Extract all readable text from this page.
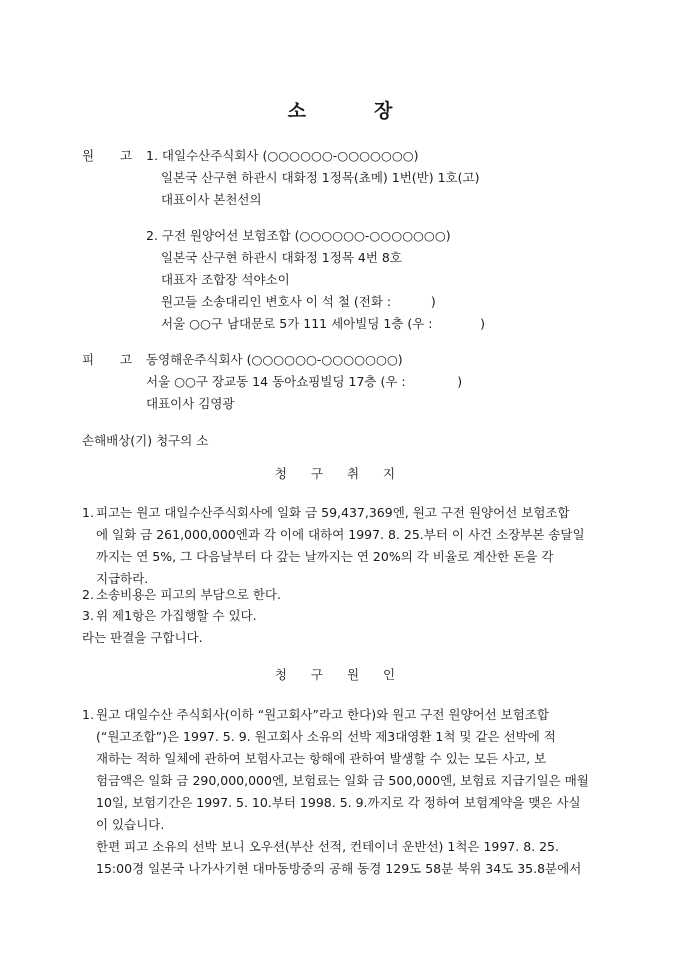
소	장
원 고 1. 대일수산주식회사 (○○○○○○-○○○○○○○)
일본국 산구현 하관시 대화정 1정목(쵸메) 1번(반) 1호(고)
대표이사 본천선의
2. 구전 원양어선 보험조합 (○○○○○○-○○○○○○○)
일본국 산구현 하관시 대화정 1정목 4번 8호
대표자 조합장 석야소이
원고들 소송대리인 변호사 이 석 철 (전화 :          )
서울 ○○구 남대문로 5가 111 세아빌딩 1층 (우 :            )
피 고 동영해운주식회사 (○○○○○○-○○○○○○○)
서울 ○○구 장교동 14 동아쇼핑빌딩 17층 (우 :             )
대표이사 김영광
손해배상(기) 청구의 소
청 구 취 지
1. 피고는 원고 대일수산주식회사에 일화 금 59,437,369엔, 원고 구전 원양어선 보험조합

에 일화 금 261,000,000엔과 각 이에 대하여 1997. 8. 25.부터 이 사건 소장부본 송달일

까지는 연 5%, 그 다음날부터 다 갚는 날까지는 연 20%의 각 비율로 계산한 돈을 각

지급하라.

2. 소송비용은 피고의 부담으로 한다.

3. 위 제1항은 가집행할 수 있다.

라는 판결을 구합니다.
청 구 원 인
1. 원고 대일수산 주식회사(이하 “원고회사”라고 한다)와 원고 구전 원양어선 보험조합

(“원고조합”)은 1997. 5. 9. 원고회사 소유의 선박 제3대영환 1척 및 같은 선박에 적

재하는 적하 일체에 관하여 보험사고는 항해에 관하여 발생할 수 있는 모든 사고, 보

험금액은 일화 금 290,000,000엔, 보험료는 일화 금 500,000엔, 보험료 지급기일은 매월

10일, 보험기간은 1997. 5. 10.부터 1998. 5. 9.까지로 각 정하여 보험계약을 맺은 사실

이 있습니다.

한편 피고 소유의 선박 보니 오우션(부산 선적, 컨테이너 운반선) 1척은 1997. 8. 25.

15:00경 일본국 나가사기현 대마동방중의 공해 동경 129도 58분 북위 34도 35.8분에서
